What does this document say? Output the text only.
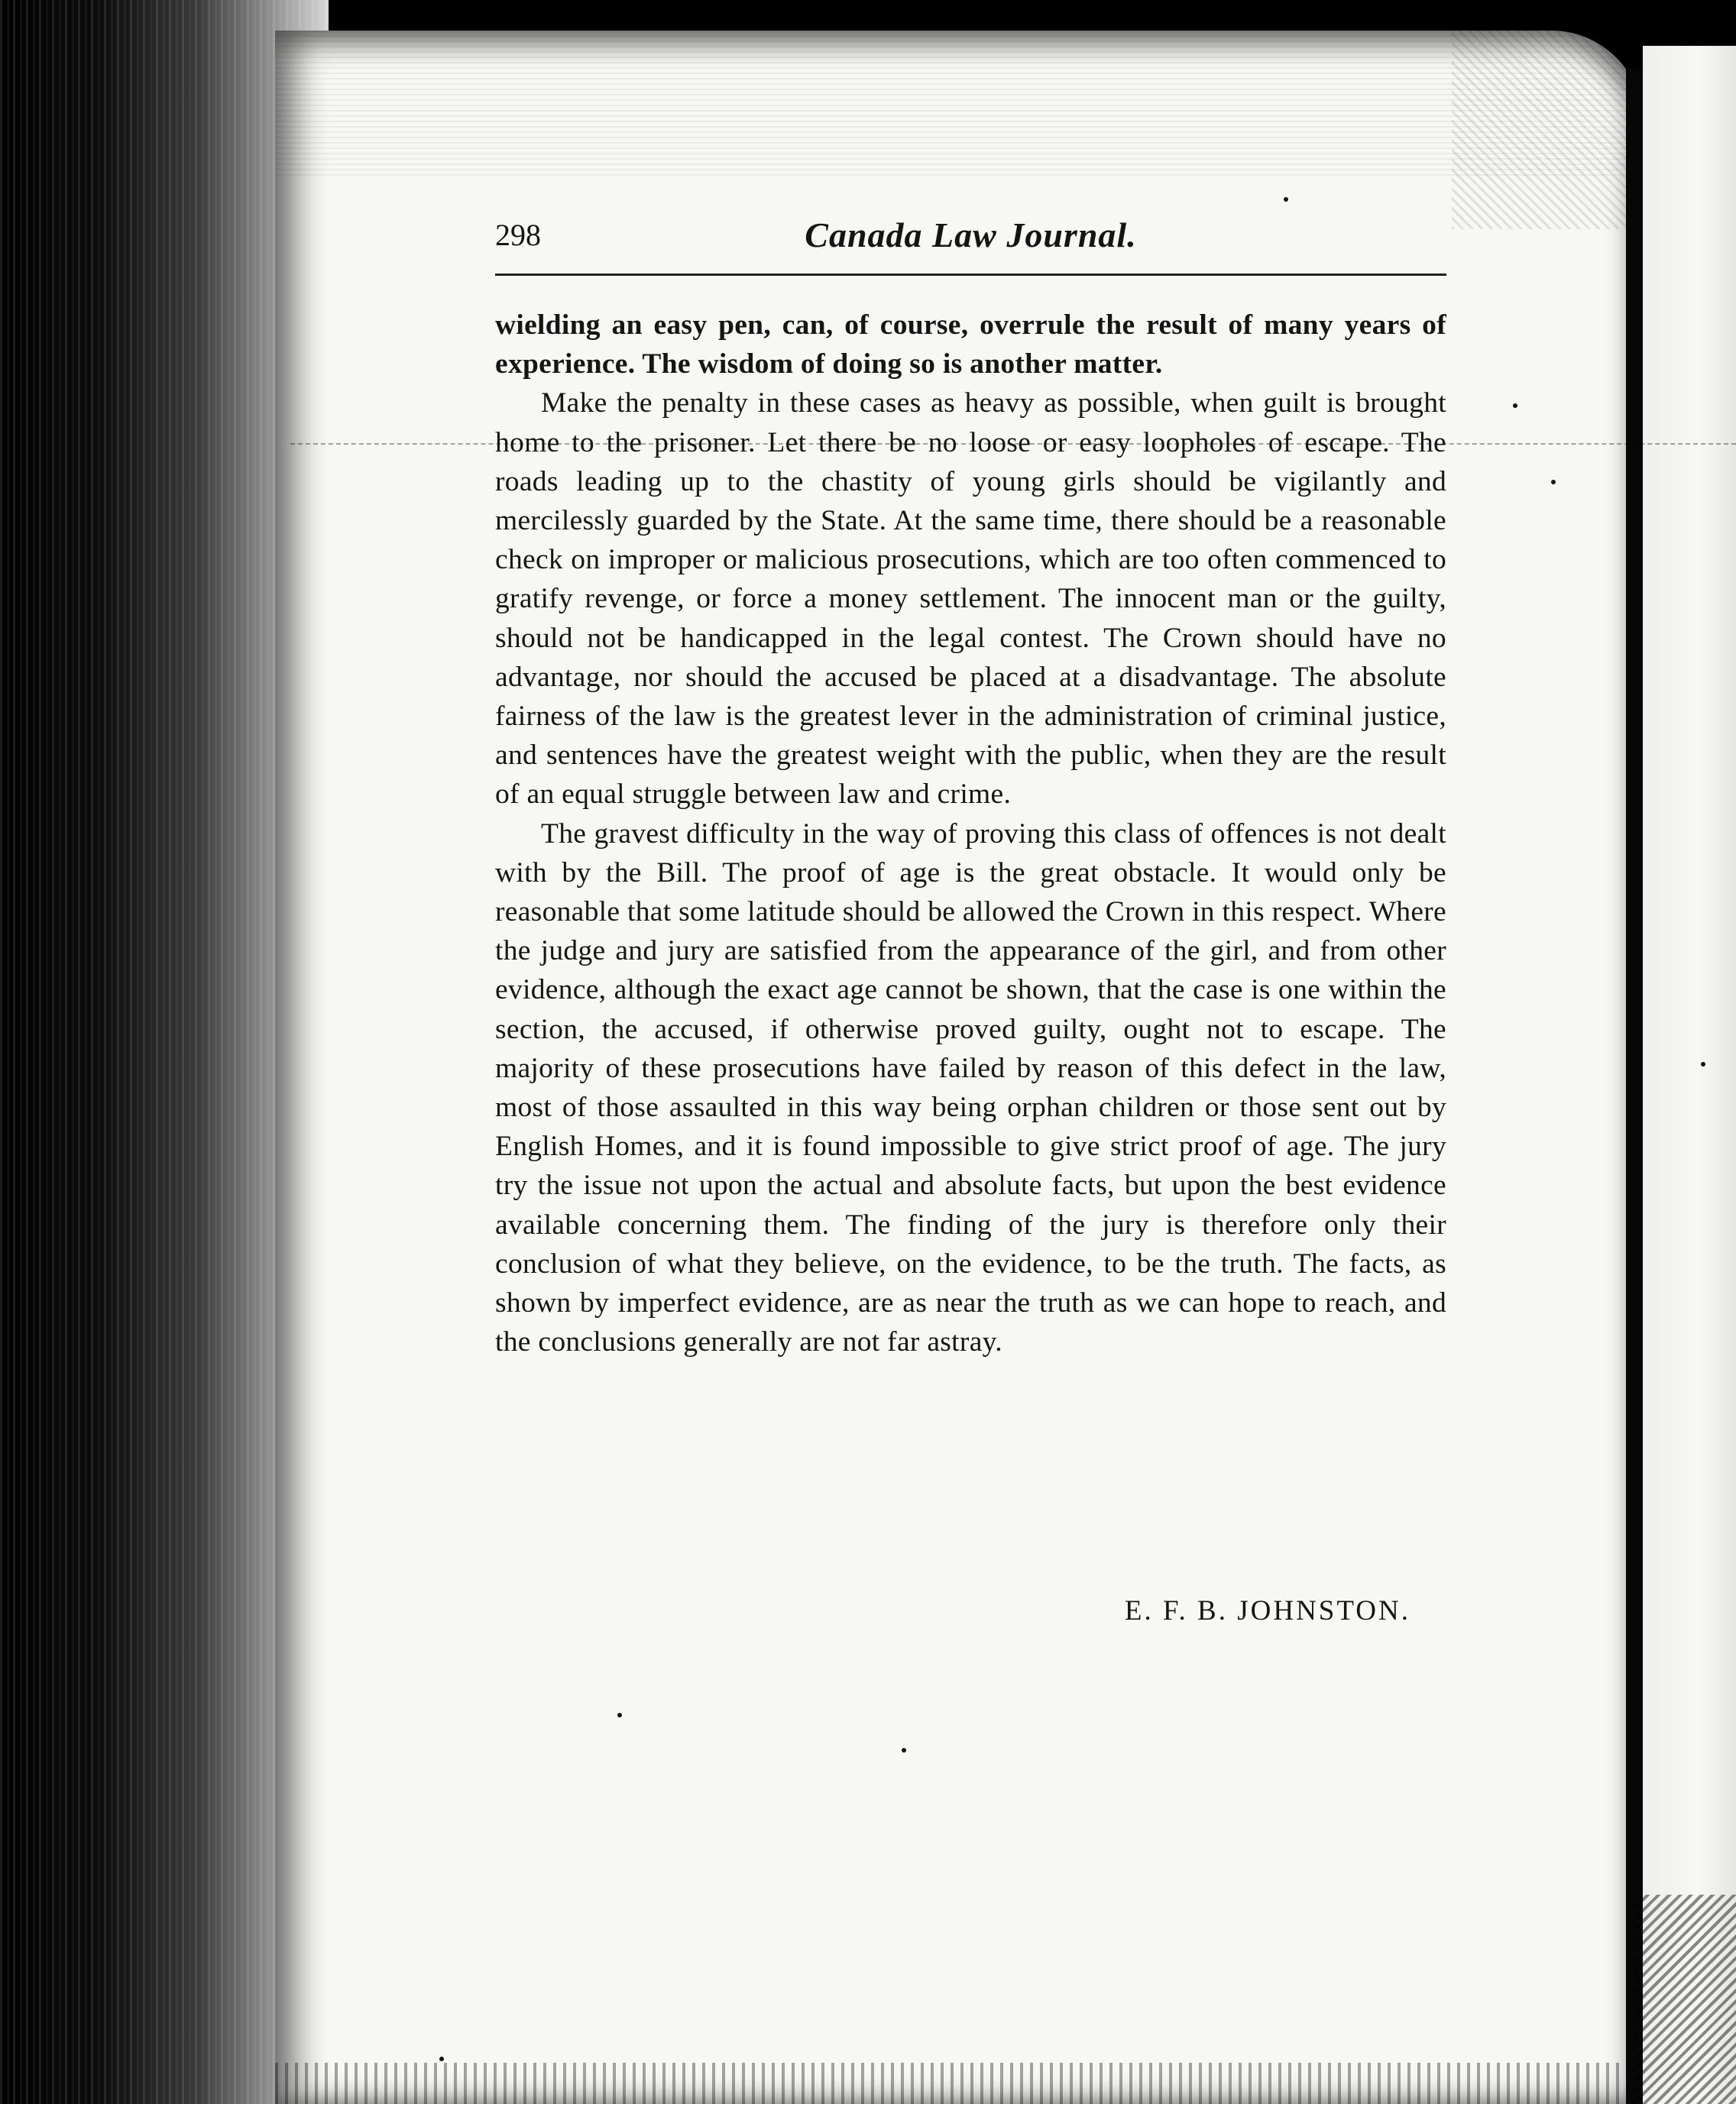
298	Canada Law Journal.

wielding an easy pen, can, of course, overrule the result of many years of experience. The wisdom of doing so is another matter.

Make the penalty in these cases as heavy as possible, when guilt is brought home to the prisoner. Let there be no loose or easy loopholes of escape. The roads leading up to the chastity of young girls should be vigilantly and mercilessly guarded by the State. At the same time, there should be a reasonable check on improper or malicious prosecutions, which are too often commenced to gratify revenge, or force a money settlement. The innocent man or the guilty, should not be handicapped in the legal contest. The Crown should have no advantage, nor should the accused be placed at a disadvantage. The absolute fairness of the law is the greatest lever in the administration of criminal justice, and sentences have the greatest weight with the public, when they are the result of an equal struggle between law and crime.

The gravest difficulty in the way of proving this class of offences is not dealt with by the Bill. The proof of age is the great obstacle. It would only be reasonable that some latitude should be allowed the Crown in this respect. Where the judge and jury are satisfied from the appearance of the girl, and from other evidence, although the exact age cannot be shown, that the case is one within the section, the accused, if otherwise proved guilty, ought not to escape. The majority of these prosecutions have failed by reason of this defect in the law, most of those assaulted in this way being orphan children or those sent out by English Homes, and it is found impossible to give strict proof of age. The jury try the issue not upon the actual and absolute facts, but upon the best evidence available concerning them. The finding of the jury is therefore only their conclusion of what they believe, on the evidence, to be the truth. The facts, as shown by imperfect evidence, are as near the truth as we can hope to reach, and the conclusions generally are not far astray.

E. F. B. JOHNSTON.
